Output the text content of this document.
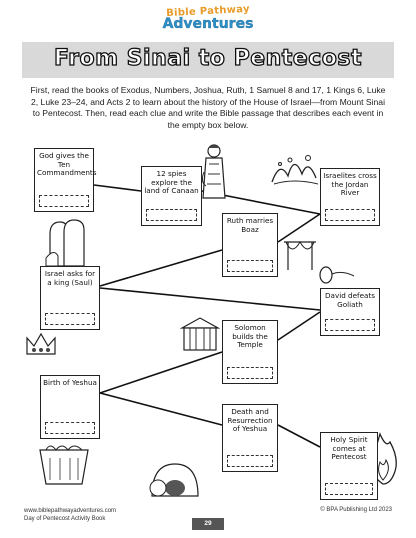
Bible Pathway
Adventures
From Sinai to Pentecost
First, read the books of Exodus, Numbers, Joshua, Ruth, 1 Samuel 8 and 17, 1 Kings 6, Luke 2, Luke 23–24, and Acts 2 to learn about the history of the House of Israel—from Mount Sinai to Pentecost. Then, read each clue and write the Bible passage that describes each event in the empty box below.
God gives the Ten Commandments	12 spies explore the land of Canaan
Israelites cross the Jordan River
Ruth marries Boaz
Israel asks for a king (Saul)
David defeats Goliath
Solomon builds the Temple
Birth of Yeshua
Death and Resurrection of Yeshua
Holy Spirit comes at Pentecost
www.biblepathwayadventures.com
Day of Pentecost Activity Book
29
© BPA Publishing Ltd 2023
